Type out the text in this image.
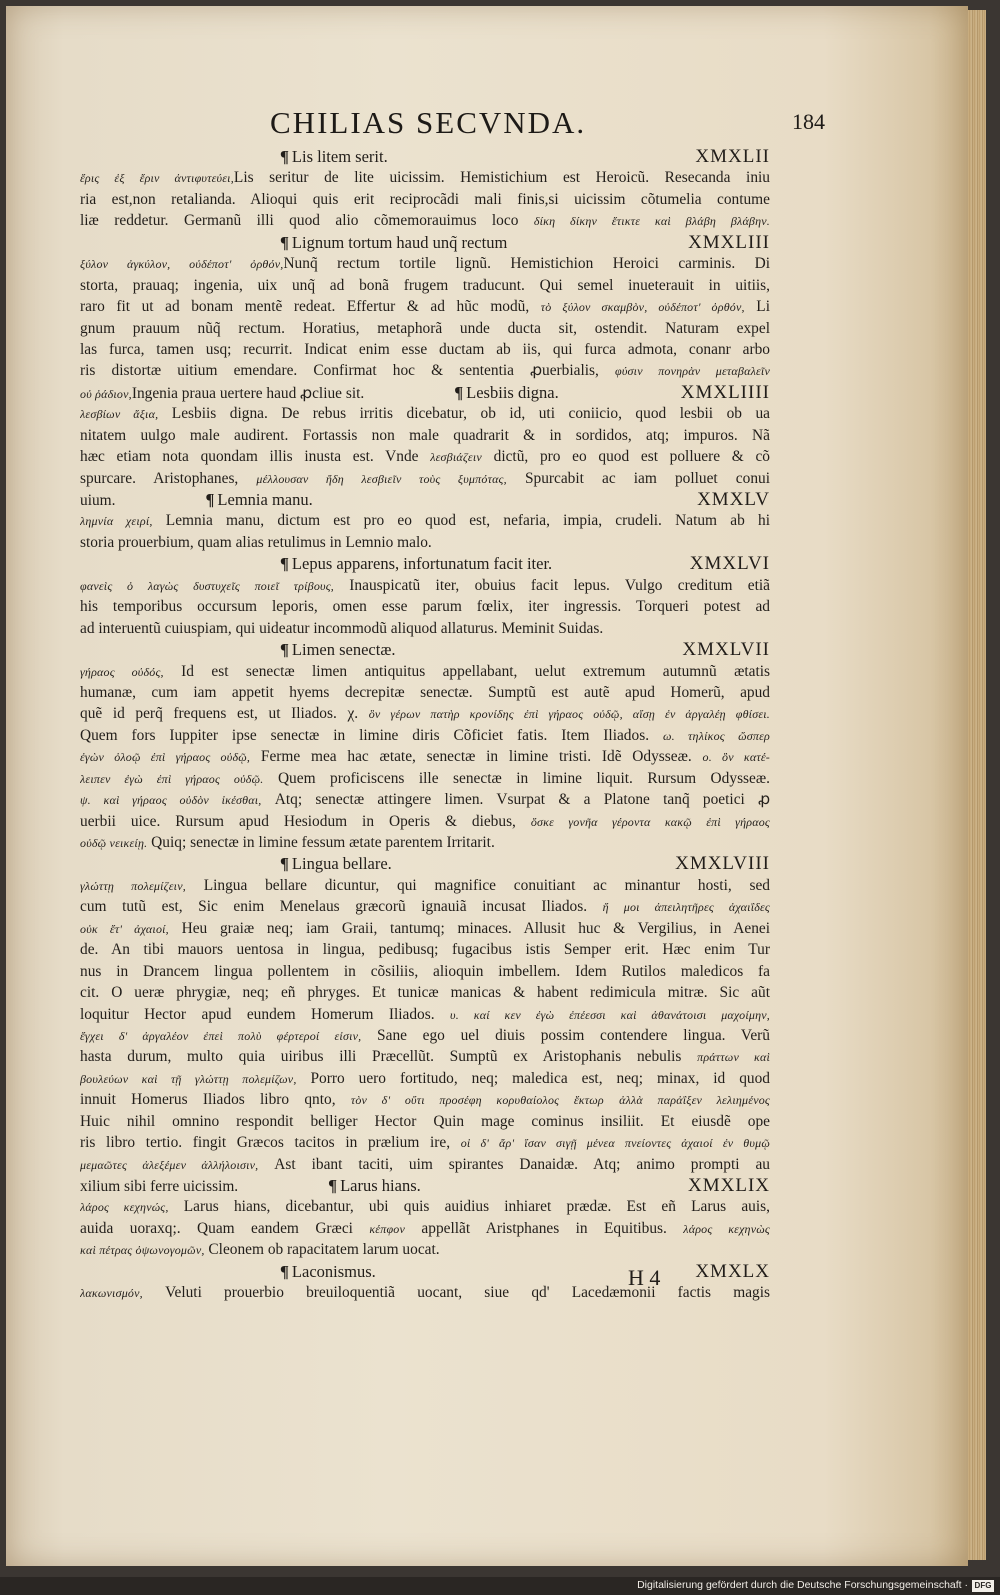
CHILIAS SECVNDA.	184
¶ Lis litem serit.	XMXLII
ἔρις ἐξ ἔριν ἀντιφυτεύει,Lis seritur de lite uicissim. Hemistichium est Heroicũ. Resecanda iniu
ria est,non retalianda. Alioqui quis erit reciprocãdi mali finis,si uicissim cõtumelia contume
liæ reddetur. Germanũ illi quod alio cõmemorauimus loco δίκη δίκην ἔτικτε καὶ βλάβη βλάβην.
¶ Lignum tortum haud unq̃ rectum	XMXLIII
ξύλον ἀγκύλον, οὐδέποτ' ὀρθόν,Nunq̃ rectum tortile lignũ. Hemistichion Heroici carminis. Di
storta, prauaq; ingenia, uix unq̃ ad bonã frugem traducunt. Qui semel inueterauit in uitiis,
raro fit ut ad bonam mentẽ redeat. Effertur & ad hũc modũ, τὸ ξύλον σκαμβὸν, οὐδέποτ' ὀρθόν, Li
gnum prauum nũq̃ rectum. Horatius, metaphorã unde ducta sit, ostendit. Naturam expel
las furca, tamen usq; recurrit. Indicat enim esse ductam ab iis, qui furca admota, conanr arbo
ris distortæ uitium emendare. Confirmat hoc & sententia ꝓuerbialis, φύσιν πονηρὰν μεταβαλεῖν
οὐ ῥάδιον, Ingenia praua uertere haud ꝓcliue sit.	¶ Lesbiis digna.	XMXLIIII
λεσβίων ἄξια, Lesbiis digna. De rebus irritis dicebatur, ob id, uti coniicio, quod lesbii ob ua
nitatem uulgo male audirent. Fortassis non male quadrarit & in sordidos, atq; impuros. Nã
hæc etiam nota quondam illis inusta est. Vnde λεσβιάζειν dictũ, pro eo quod est polluere & cõ
spurcare. Aristophanes, μέλλουσαν ἤδη λεσβιεῖν τοὺς ξυμπότας, Spurcabit ac iam polluet conui
uium.	¶ Lemnia manu.	XMXLV
λημνία χειρί, Lemnia manu, dictum est pro eo quod est, nefaria, impia, crudeli. Natum ab hi
storia prouerbium, quam alias retulimus in Lemnio malo.
¶ Lepus apparens, infortunatum facit iter.	XMXLVI
φανεὶς ὁ λαγὼς δυστυχεῖς ποιεῖ τρίβους, Inauspicatũ iter, obuius facit lepus. Vulgo creditum etiã
his temporibus occursum leporis, omen esse parum fœlix, iter ingressis. Torqueri potest ad
ad interuentũ cuiuspiam, qui uideatur incommodũ aliquod allaturus. Meminit Suidas.
¶ Limen senectæ.	XMXLVII
γήραος οὐδός, Id est senectæ limen antiquitus appellabant, uelut extremum autumnũ ætatis
humanæ, cum iam appetit hyems decrepitæ senectæ. Sumptũ est autẽ apud Homerũ, apud
quẽ id perq̃ frequens est, ut Iliados. χ. ὃν γέρων πατὴρ κρονίδης ἐπὶ γήραος οὐδῷ, αἴσῃ ἐν ἀργαλέῃ φθίσει.
Quem fors Iuppiter ipse senectæ in limine diris Cõficiet fatis. Item Iliados. ω. τηλίκος ὥσπερ
ἐγὼν ὀλοῷ ἐπὶ γήραος οὐδῷ, Ferme mea hac ætate, senectæ in limine tristi. Idẽ Odysseæ. ο. ὃν κατέ-
λειπεν ἐγὼ ἐπὶ γήραος οὐδῷ. Quem proficiscens ille senectæ in limine liquit. Rursum Odysseæ.
ψ. καὶ γήραος οὐδὸν ἱκέσθαι, Atq; senectæ attingere limen. Vsurpat & a Platone tanq̃ poetici ꝓ
uerbii uice. Rursum apud Hesiodum in Operis & diebus, ὅσκε γονῆα γέροντα κακῷ ἐπὶ γήραος
οὐδῷ νεικείῃ. Quiq; senectæ in limine fessum ætate parentem Irritarit.
¶ Lingua bellare.	XMXLVIII
γλώττῃ πολεμίζειν, Lingua bellare dicuntur, qui magnifice conuitiant ac minantur hosti, sed
cum tutũ est, Sic enim Menelaus græcorũ ignauiã incusat Iliados. ἤ μοι ἀπειλητῆρες ἀχαιΐδες
οὐκ ἔτ' ἀχαιοί, Heu graiæ neq; iam Graii, tantumq; minaces. Allusit huc & Vergilius, in Aenei
de. An tibi mauors uentosa in lingua, pedibusq; fugacibus istis Semper erit. Hæc enim Tur
nus in Drancem lingua pollentem in cõsiliis, alioquin imbellem. Idem Rutilos maledicos fa
cit. O ueræ phrygiæ, neq; eñ phryges. Et tunicæ manicas & habent redimicula mitræ. Sic aũt
loquitur Hector apud eundem Homerum Iliados. υ. καί κεν ἐγὼ ἐπέεσσι καὶ ἀθανάτοισι μαχοίμην,
ἔγχει δ' ἀργαλέον ἐπεὶ πολὺ φέρτεροί εἰσιν, Sane ego uel diuis possim contendere lingua. Verũ
hasta durum, multo quia uiribus illi Præcellũt. Sumptũ ex Aristophanis nebulis πράττων καὶ
βουλεύων καὶ τῇ γλώττῃ πολεμίζων, Porro uero fortitudo, neq; maledica est, neq; minax, id quod
innuit Homerus Iliados libro qnto, τὸν δ' οὔτι προσέφη κορυθαίολος ἕκτωρ ἀλλὰ παρἀΐξεν λελιημένος
Huic nihil omnino respondit belliger Hector Quin mage cominus insiliit. Et eiusdẽ ope
ris libro tertio. fingit Græcos tacitos in prælium ire, οἱ δ' ἄρ' ἴσαν σιγῇ μένεα πνείοντες ἀχαιοί ἐν θυμῷ
μεμαῶτες ἀλεξέμεν ἀλλήλοισιν, Ast ibant taciti, uim spirantes Danaidæ. Atq; animo prompti au
xilium sibi ferre uicissim.	¶ Larus hians.	XMXLIX
λάρος κεχηνώς, Larus hians, dicebantur, ubi quis auidius inhiaret prædæ. Est eñ Larus auis,
auida uoraxq;. Quam eandem Græci κέπφον appellãt Aristphanes in Equitibus. λάρος κεχηνὼς
καὶ πέτρας ὀψωνογομῶν, Cleonem ob rapacitatem larum uocat.
¶ Laconismus.	XMXLX
λακωνισμόν, Veluti prouerbio breuiloquentiã uocant, siue qd' Lacedæmonii factis magis
H 4
Digitalisierung gefördert durch die Deutsche Forschungsgemeinschaft · DFG
